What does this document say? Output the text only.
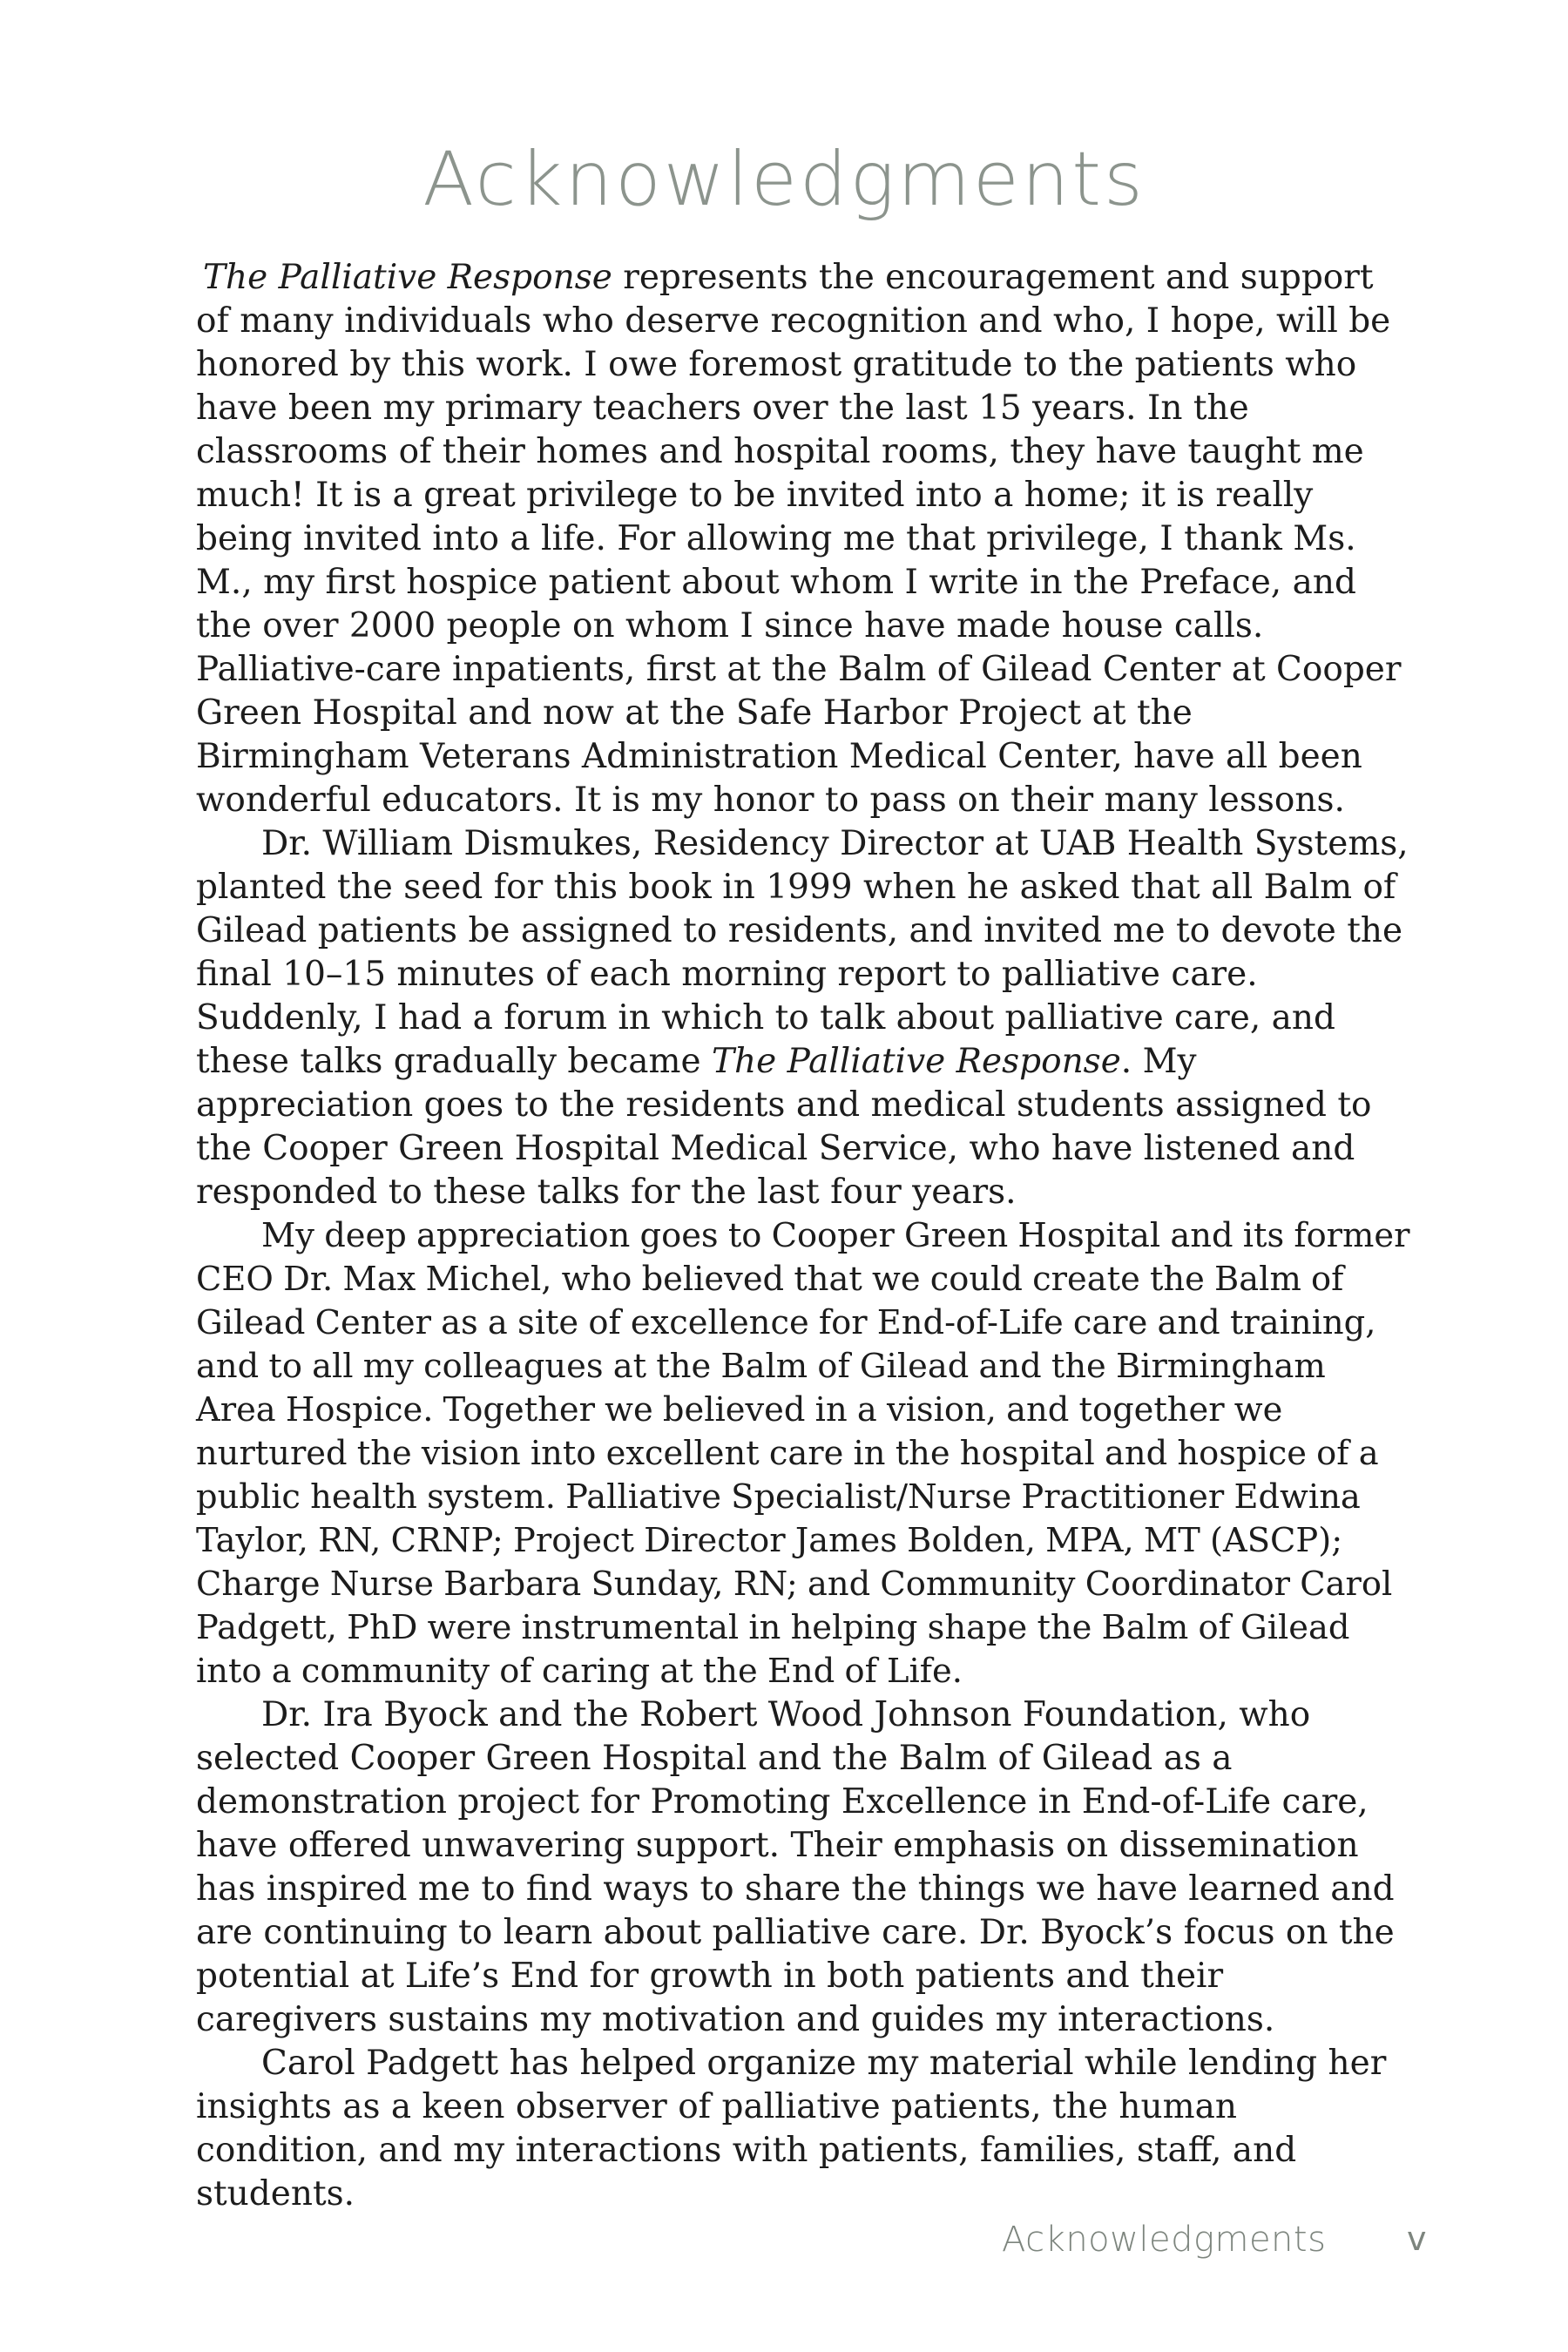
Acknowledgments

The Palliative Response represents the encouragement and support of many individuals who deserve recognition and who, I hope, will be honored by this work. I owe foremost gratitude to the patients who have been my primary teachers over the last 15 years. In the classrooms of their homes and hospital rooms, they have taught me much! It is a great privilege to be invited into a home; it is really being invited into a life. For allowing me that privilege, I thank Ms. M., my first hospice patient about whom I write in the Preface, and the over 2000 people on whom I since have made house calls. Palliative-care inpatients, first at the Balm of Gilead Center at Cooper Green Hospital and now at the Safe Harbor Project at the Birmingham Veterans Administration Medical Center, have all been wonderful educators. It is my honor to pass on their many lessons.

Dr. William Dismukes, Residency Director at UAB Health Systems, planted the seed for this book in 1999 when he asked that all Balm of Gilead patients be assigned to residents, and invited me to devote the final 10–15 minutes of each morning report to palliative care. Suddenly, I had a forum in which to talk about palliative care, and these talks gradually became The Palliative Response. My appreciation goes to the residents and medical students assigned to the Cooper Green Hospital Medical Service, who have listened and responded to these talks for the last four years.

My deep appreciation goes to Cooper Green Hospital and its former CEO Dr. Max Michel, who believed that we could create the Balm of Gilead Center as a site of excellence for End-of-Life care and training, and to all my colleagues at the Balm of Gilead and the Birmingham Area Hospice. Together we believed in a vision, and together we nurtured the vision into excellent care in the hospital and hospice of a public health system. Palliative Specialist/Nurse Practitioner Edwina Taylor, RN, CRNP; Project Director James Bolden, MPA, MT (ASCP); Charge Nurse Barbara Sunday, RN; and Community Coordinator Carol Padgett, PhD were instrumental in helping shape the Balm of Gilead into a community of caring at the End of Life.

Dr. Ira Byock and the Robert Wood Johnson Foundation, who selected Cooper Green Hospital and the Balm of Gilead as a demonstration project for Promoting Excellence in End-of-Life care, have offered unwavering support. Their emphasis on dissemination has inspired me to find ways to share the things we have learned and are continuing to learn about palliative care. Dr. Byock’s focus on the potential at Life’s End for growth in both patients and their caregivers sustains my motivation and guides my interactions.

Carol Padgett has helped organize my material while lending her insights as a keen observer of palliative patients, the human condition, and my interactions with patients, families, staff, and students.

Acknowledgments v
